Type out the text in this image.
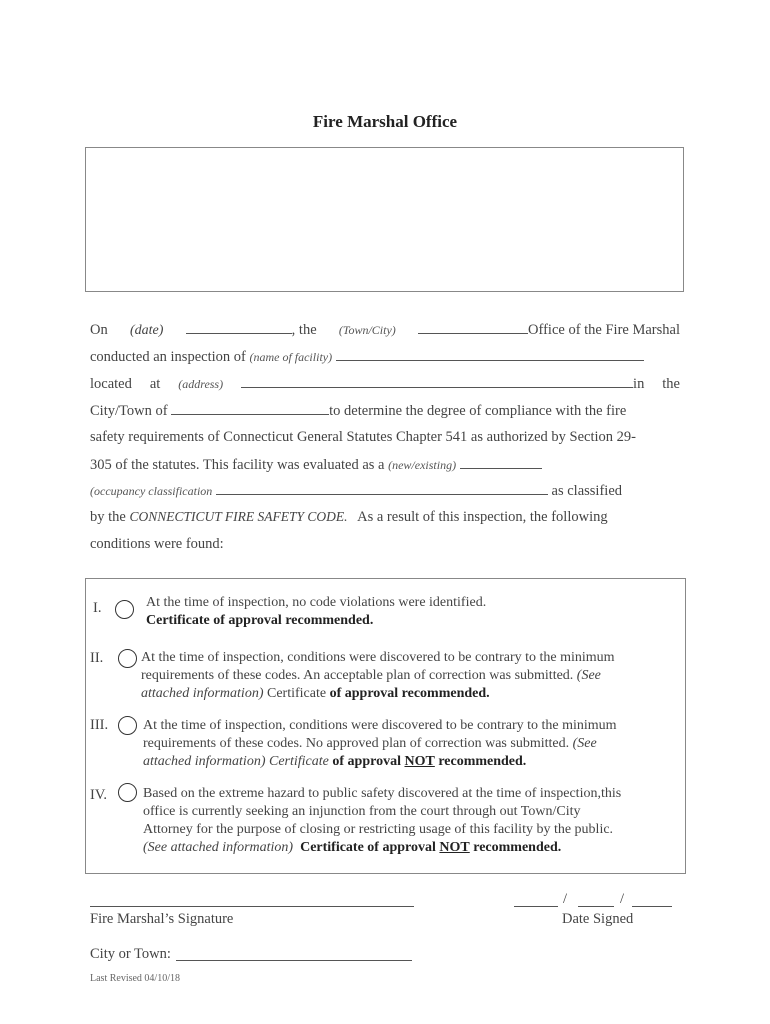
Fire Marshal Office
On (date)	, the (Town/City)	Office of the Fire Marshal
conducted an inspection of (name of facility)
located at (address)	in the
City/Town of	to determine the degree of compliance with the fire
safety requirements of Connecticut General Statutes Chapter 541 as authorized by Section 29-
305 of the statutes. This facility was evaluated as a (new/existing)
(occupancy classification	as classified
by the CONNECTICUT FIRE SAFETY CODE. As a result of this inspection, the following
conditions were found:
I.	At the time of inspection, no code violations were identified.
Certificate of approval recommended.
II.	At the time of inspection, conditions were discovered to be contrary to the minimum
requirements of these codes. An acceptable plan of correction was submitted. (See
attached information) Certificate of approval recommended.
III. At the time of inspection, conditions were discovered to be contrary to the minimum
requirements of these codes. No approved plan of correction was submitted. (See
attached information) Certificate of approval NOT recommended.
IV.	Based on the extreme hazard to public safety discovered at the time of inspection,this
office is currently seeking an injunction from the court through out Town/City
Attorney for the purpose of closing or restricting usage of this facility by the public.
(See attached information) Certificate of approval NOT recommended.
Fire Marshal’s Signature
/	/
Date Signed
City or Town:
Last Revised 04/10/18
